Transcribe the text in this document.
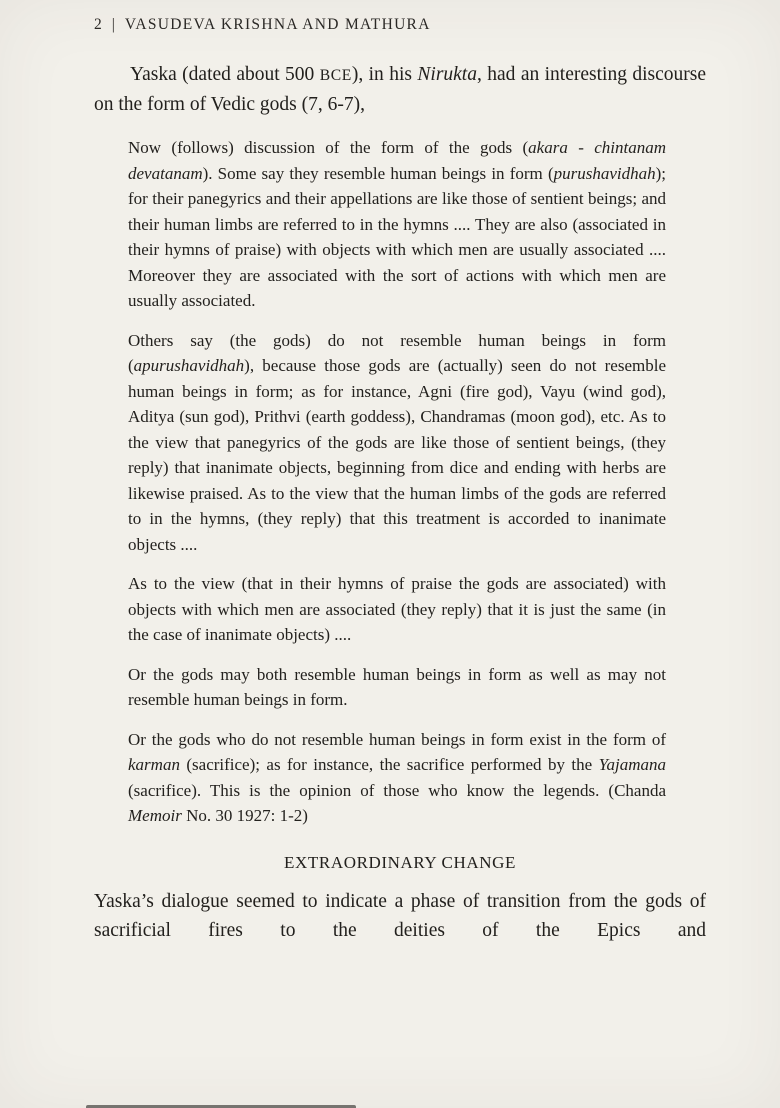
2 | VASUDEVA KRISHNA AND MATHURA

Yaska (dated about 500 BCE), in his Nirukta, had an interesting discourse on the form of Vedic gods (7, 6-7),

Now (follows) discussion of the form of the gods (akara - chintanam devatanam). Some say they resemble human beings in form (purushavidhah); for their panegyrics and their appellations are like those of sentient beings; and their human limbs are referred to in the hymns .... They are also (associated in their hymns of praise) with objects with which men are usually associated .... Moreover they are associated with the sort of actions with which men are usually associated.

Others say (the gods) do not resemble human beings in form (apurushavidhah), because those gods are (actually) seen do not resemble human beings in form; as for instance, Agni (fire god), Vayu (wind god), Aditya (sun god), Prithvi (earth goddess), Chandramas (moon god), etc. As to the view that panegyrics of the gods are like those of sentient beings, (they reply) that inanimate objects, beginning from dice and ending with herbs are likewise praised. As to the view that the human limbs of the gods are referred to in the hymns, (they reply) that this treatment is accorded to inanimate objects ....

As to the view (that in their hymns of praise the gods are associated) with objects with which men are associated (they reply) that it is just the same (in the case of inanimate objects) ....

Or the gods may both resemble human beings in form as well as may not resemble human beings in form.

Or the gods who do not resemble human beings in form exist in the form of karman (sacrifice); as for instance, the sacrifice performed by the Yajamana (sacrifice). This is the opinion of those who know the legends. (Chanda Memoir No. 30 1927: 1-2)

EXTRAORDINARY CHANGE

Yaska’s dialogue seemed to indicate a phase of transition from the gods of sacrificial fires to the deities of the Epics and
